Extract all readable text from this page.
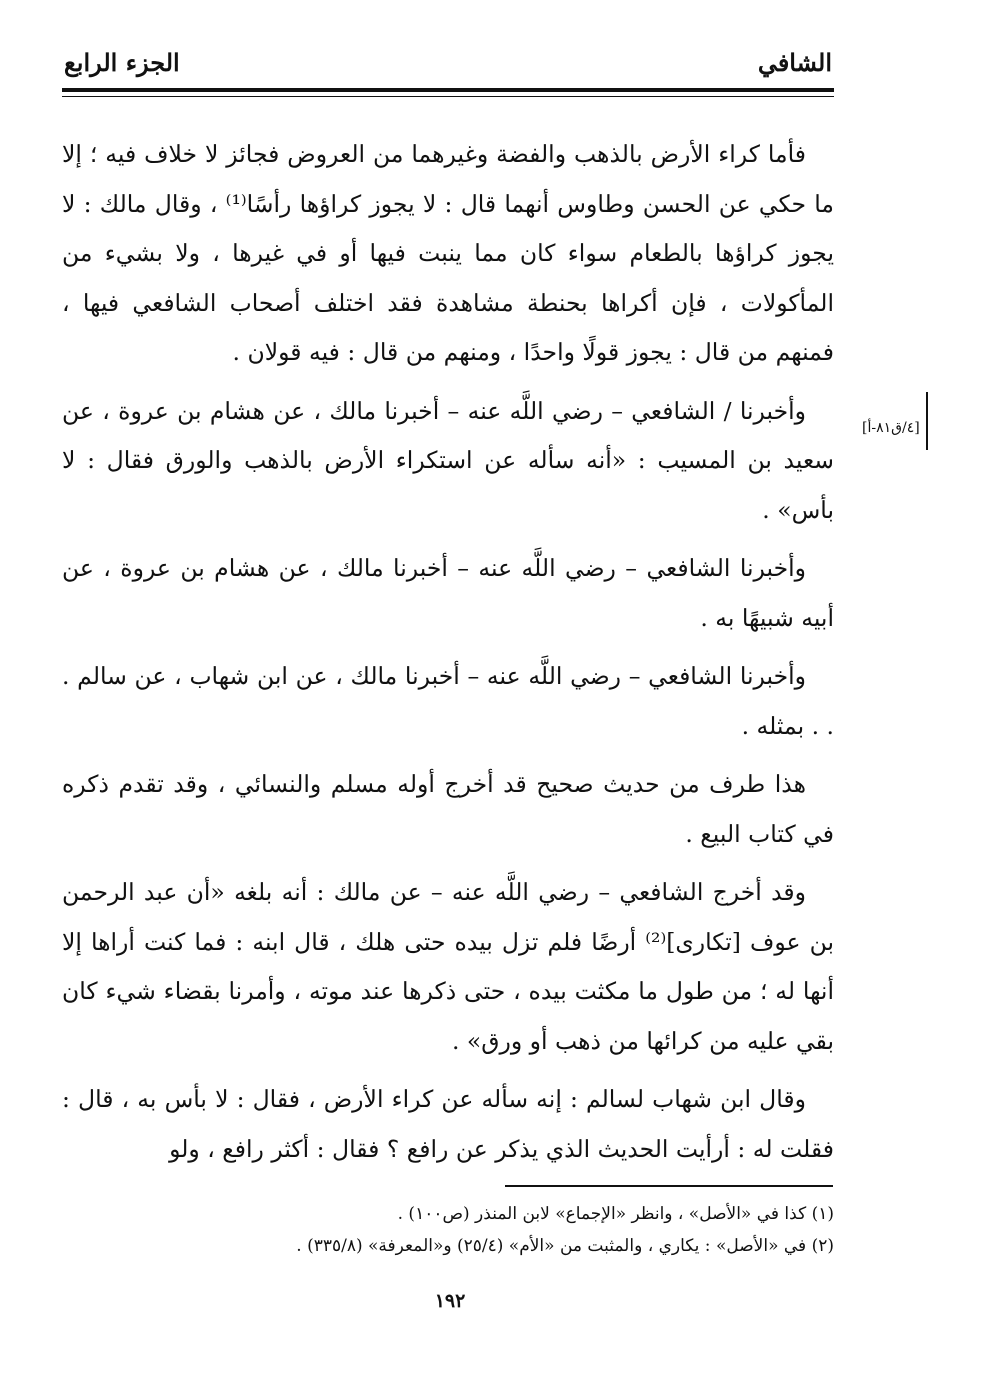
الشافي
الجزء الرابع
[٤/ق٨١-أ]

فأما كراء الأرض بالذهب والفضة وغيرهما من العروض فجائز لا خلاف فيه ؛ إلا ما حكي عن الحسن وطاوس أنهما قال : لا يجوز كراؤها رأسًا⁽¹⁾ ، وقال مالك : لا يجوز كراؤها بالطعام سواء كان مما ينبت فيها أو في غيرها ، ولا بشيء من المأكولات ، فإن أكراها بحنطة مشاهدة فقد اختلف أصحاب الشافعي فيها ، فمنهم من قال : يجوز قولًا واحدًا ، ومنهم من قال : فيه قولان .

وأخبرنا / الشافعي – رضي اللَّه عنه – أخبرنا مالك ، عن هشام بن عروة ، عن سعيد بن المسيب : «أنه سأله عن استكراء الأرض بالذهب والورق فقال : لا بأس» .

وأخبرنا الشافعي – رضي اللَّه عنه – أخبرنا مالك ، عن هشام بن عروة ، عن أبيه شبيهًا به .

وأخبرنا الشافعي – رضي اللَّه عنه – أخبرنا مالك ، عن ابن شهاب ، عن سالم . . . بمثله .

هذا طرف من حديث صحيح قد أخرج أوله مسلم والنسائي ، وقد تقدم ذكره في كتاب البيع .

وقد أخرج الشافعي – رضي اللَّه عنه – عن مالك : أنه بلغه «أن عبد الرحمن بن عوف [تكارى]⁽²⁾ أرضًا فلم تزل بيده حتى هلك ، قال ابنه : فما كنت أراها إلا أنها له ؛ من طول ما مكثت بيده ، حتى ذكرها عند موته ، وأمرنا بقضاء شيء كان بقي عليه من كرائها من ذهب أو ورق» .

وقال ابن شهاب لسالم : إنه سأله عن كراء الأرض ، فقال : لا بأس به ، قال : فقلت له : أرأيت الحديث الذي يذكر عن رافع ؟ فقال : أكثر رافع ، ولو

(١) كذا في «الأصل» ، وانظر «الإجماع» لابن المنذر (ص١٠٠) .
(٢) في «الأصل» : يكاري ، والمثبت من «الأم» (٢٥/٤) و«المعرفة» (٣٣٥/٨) .
١٩٢
